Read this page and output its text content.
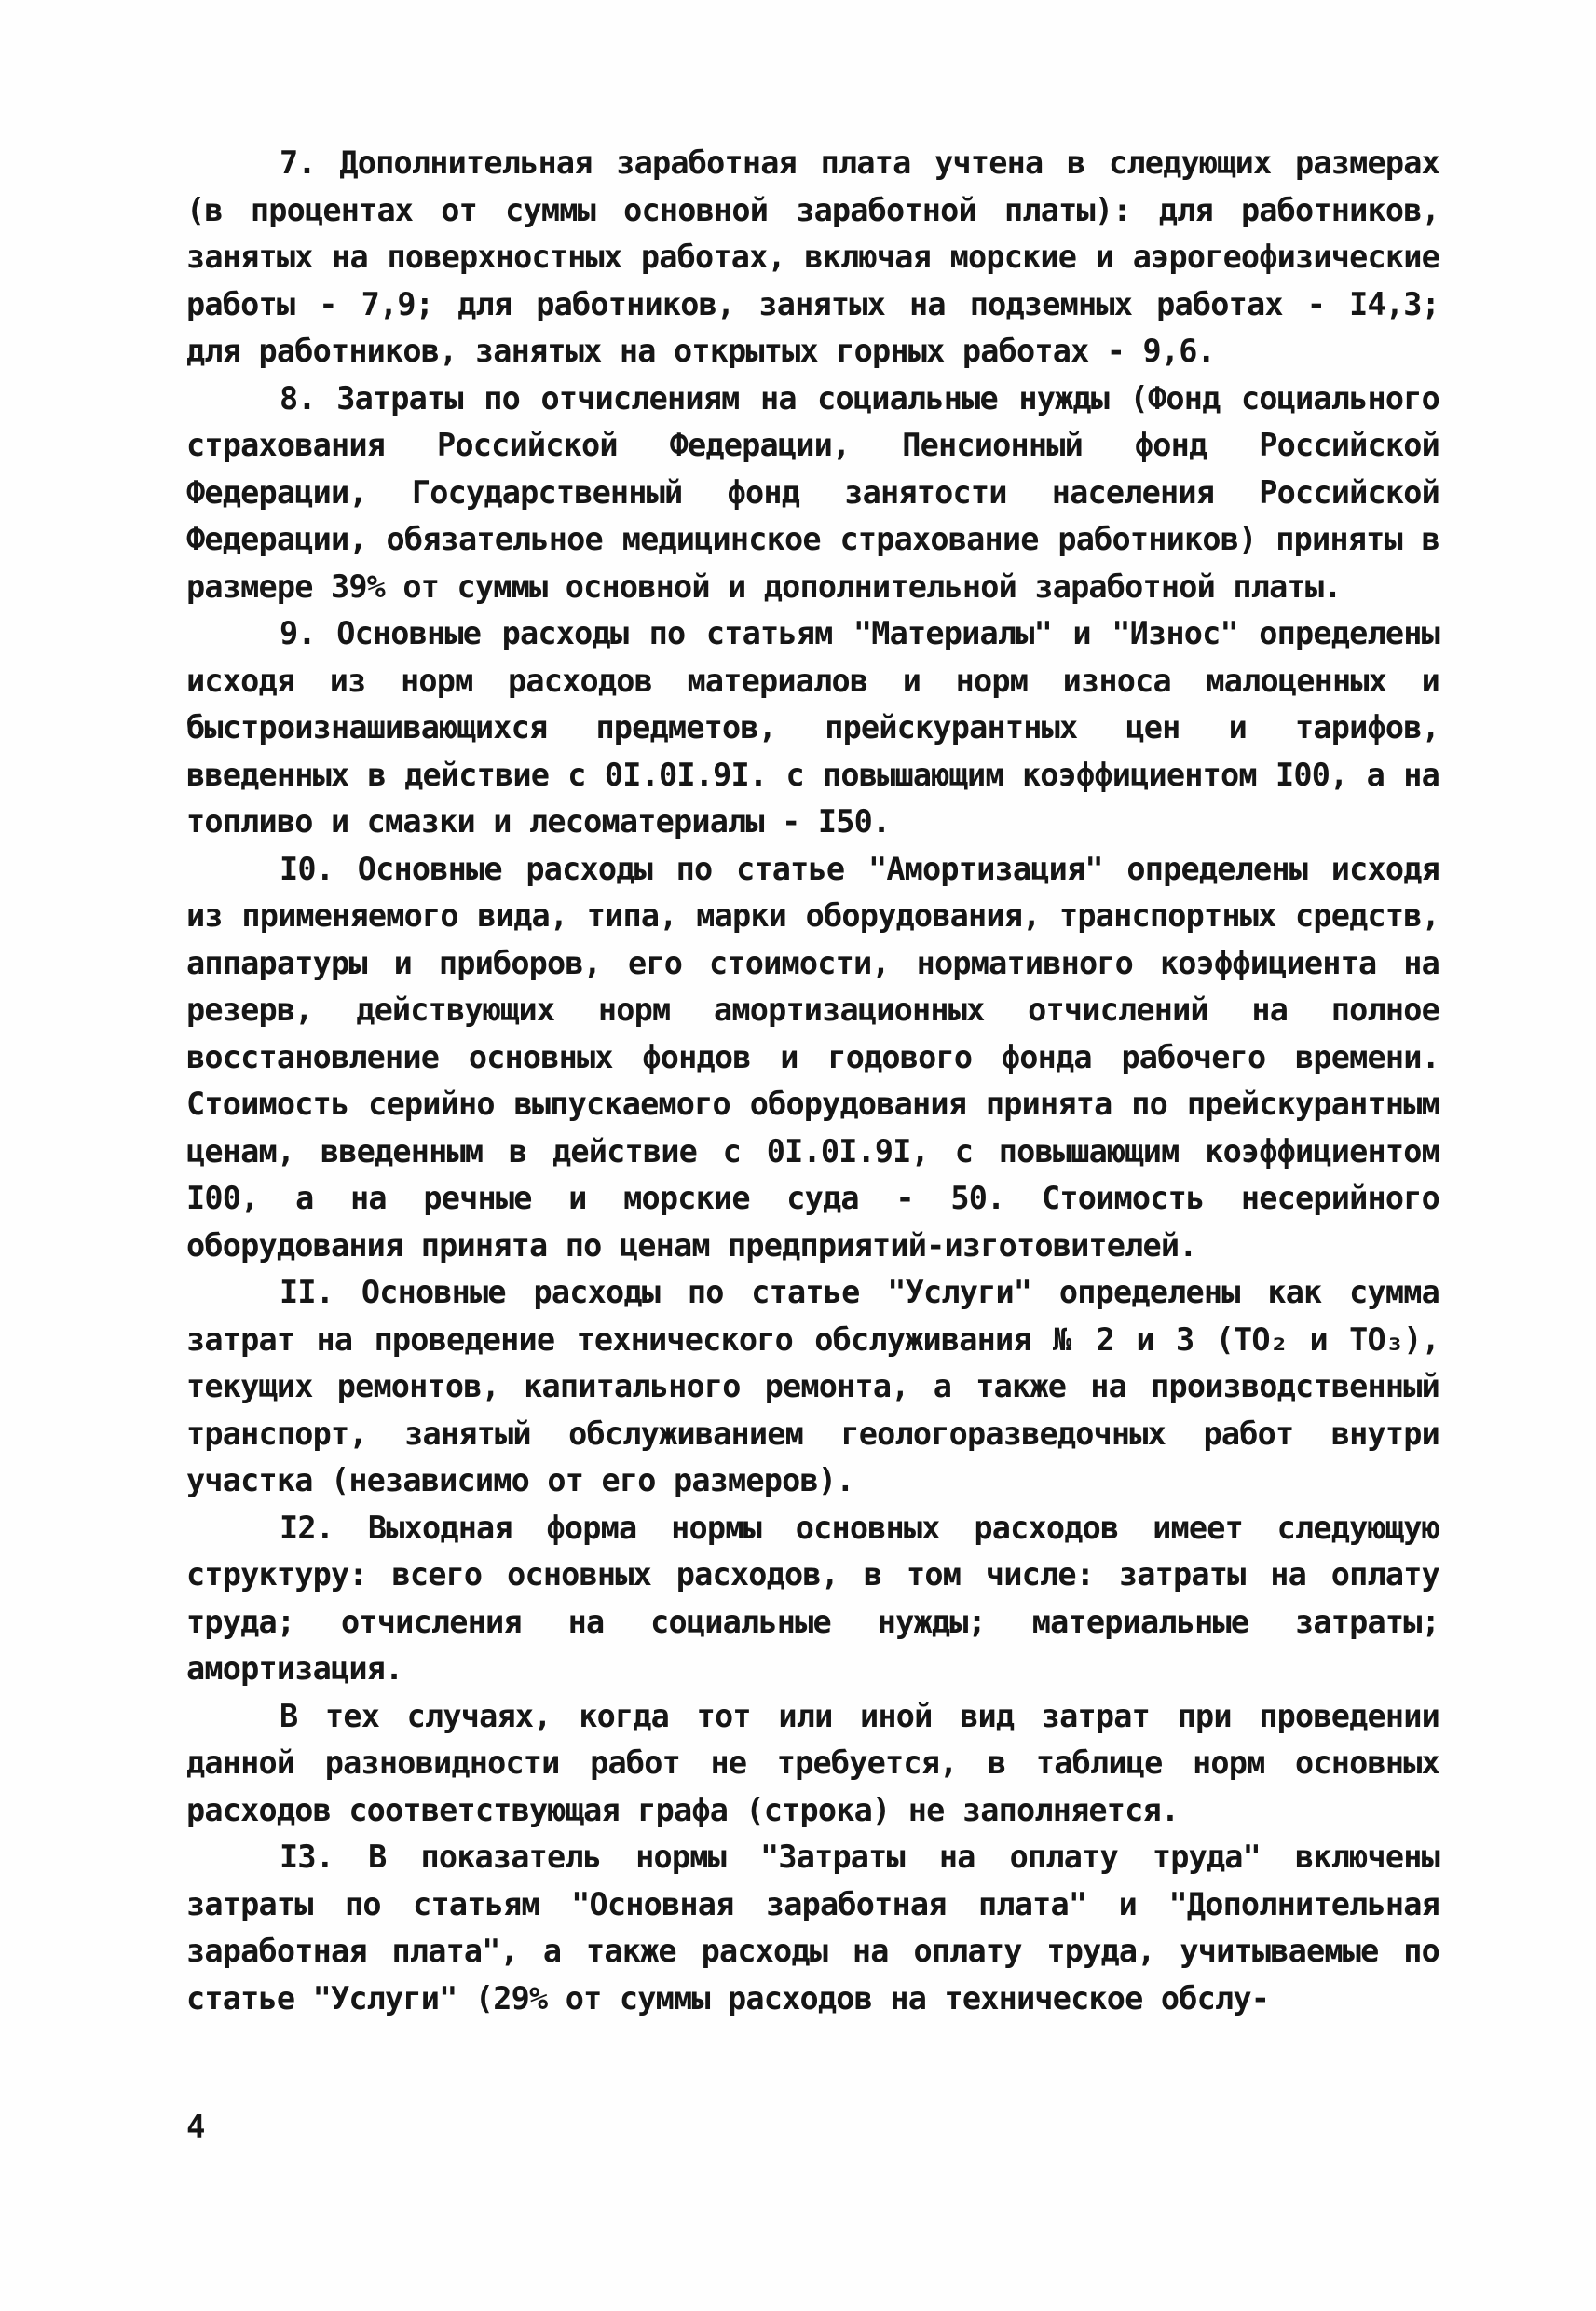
7. Дополнительная заработная плата учтена в следующих размерах (в процентах от суммы основной заработной платы): для работников, занятых на поверхностных работах, включая морские и аэрогеофизические работы - 7,9; для работников, занятых на подземных работах - I4,3; для работников, занятых на открытых горных работах - 9,6.

8. Затраты по отчислениям на социальные нужды (Фонд социального страхования Российской Федерации, Пенсионный фонд Российской Федерации, Государственный фонд занятости населения Российской Федерации, обязательное медицинское страхование работников) приняты в размере 39% от суммы основной и дополнительной заработной платы.

9. Основные расходы по статьям "Материалы" и "Износ" определены исходя из норм расходов материалов и норм износа малоценных и быстроизнашивающихся предметов, прейскурантных цен и тарифов, введенных в действие с 0I.0I.9I. с повышающим коэффициентом I00, а на топливо и смазки и лесоматериалы - I50.

I0. Основные расходы по статье "Амортизация" определены исходя из применяемого вида, типа, марки оборудования, транспортных средств, аппаратуры и приборов, его стоимости, нормативного коэффициента на резерв, действующих норм амортизационных отчислений на полное восстановление основных фондов и годового фонда рабочего времени. Стоимость серийно выпускаемого оборудования принята по прейскурантным ценам, введенным в действие с 0I.0I.9I, с повышающим коэффициентом I00, а на речные и морские суда - 50. Стоимость несерийного оборудования принята по ценам предприятий-изготовителей.

II. Основные расходы по статье "Услуги" определены как сумма затрат на проведение технического обслуживания № 2 и 3 (ТО₂ и ТО₃), текущих ремонтов, капитального ремонта, а также на производственный транспорт, занятый обслуживанием геологоразведочных работ внутри участка (независимо от его размеров).

I2. Выходная форма нормы основных расходов имеет следующую структуру: всего основных расходов, в том числе: затраты на оплату труда; отчисления на социальные нужды; материальные затраты; амортизация.

В тех случаях, когда тот или иной вид затрат при проведении данной разновидности работ не требуется, в таблице норм основных расходов соответствующая графа (строка) не заполняется.

I3. В показатель нормы "Затраты на оплату труда" включены затраты по статьям "Основная заработная плата" и "Дополнительная заработная плата", а также расходы на оплату труда, учитываемые по статье "Услуги" (29% от суммы расходов на техническое обслу-

4
